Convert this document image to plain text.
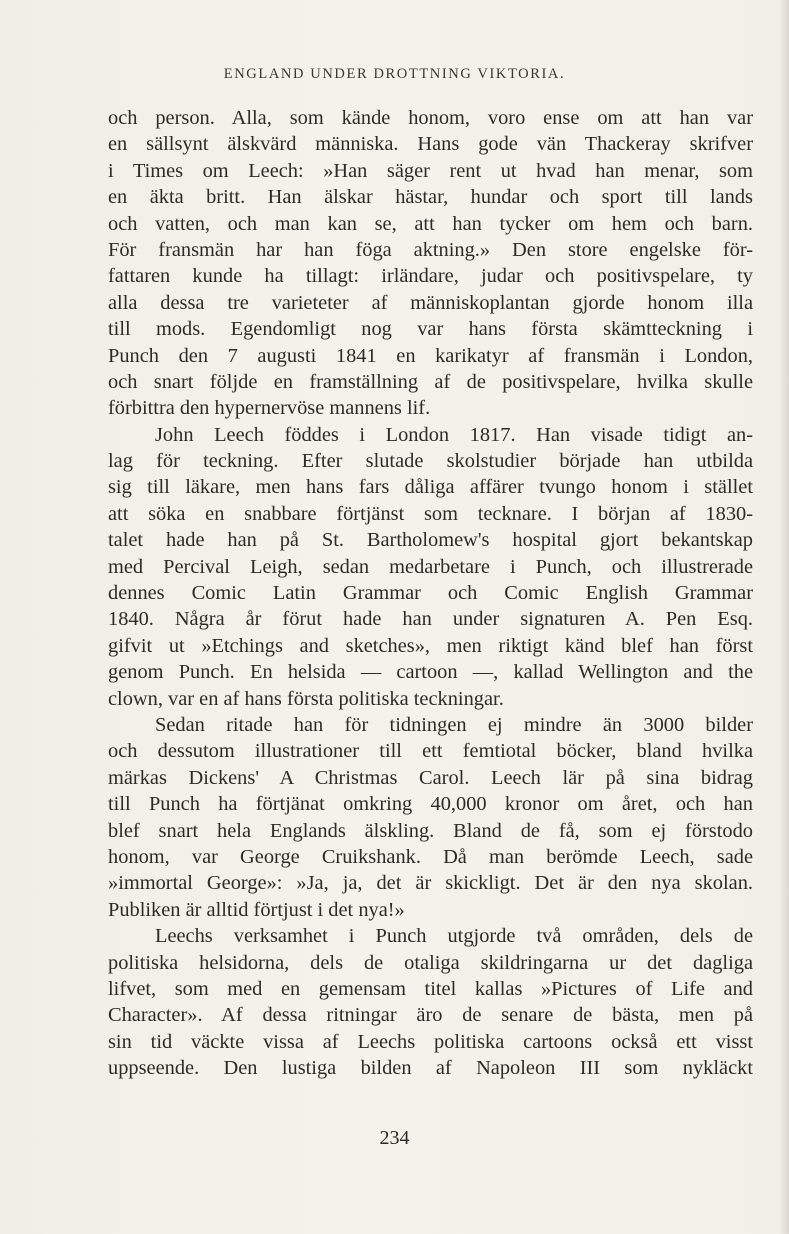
ENGLAND UNDER DROTTNING VIKTORIA.
och person. Alla, som kände honom, voro ense om att han var
en sällsynt älskvärd människa. Hans gode vän Thackeray skrifver
i Times om Leech: »Han säger rent ut hvad han menar, som
en äkta britt. Han älskar hästar, hundar och sport till lands
och vatten, och man kan se, att han tycker om hem och barn.
För fransmän har han föga aktning.» Den store engelske för-
fattaren kunde ha tillagt: irländare, judar och positivspelare, ty
alla dessa tre varieteter af människoplantan gjorde honom illa
till mods. Egendomligt nog var hans första skämtteckning i
Punch den 7 augusti 1841 en karikatyr af fransmän i London,
och snart följde en framställning af de positivspelare, hvilka skulle
förbittra den hypernervöse mannens lif.
John Leech föddes i London 1817. Han visade tidigt an-
lag för teckning. Efter slutade skolstudier började han utbilda
sig till läkare, men hans fars dåliga affärer tvungo honom i stället
att söka en snabbare förtjänst som tecknare. I början af 1830-
talet hade han på St. Bartholomew's hospital gjort bekantskap
med Percival Leigh, sedan medarbetare i Punch, och illustrerade
dennes Comic Latin Grammar och Comic English Grammar
1840. Några år förut hade han under signaturen A. Pen Esq.
gifvit ut »Etchings and sketches», men riktigt känd blef han först
genom Punch. En helsida — cartoon —, kallad Wellington and the
clown, var en af hans första politiska teckningar.
Sedan ritade han för tidningen ej mindre än 3000 bilder
och dessutom illustrationer till ett femtiotal böcker, bland hvilka
märkas Dickens' A Christmas Carol. Leech lär på sina bidrag
till Punch ha förtjänat omkring 40,000 kronor om året, och han
blef snart hela Englands älskling. Bland de få, som ej förstodo
honom, var George Cruikshank. Då man berömde Leech, sade
»immortal George»: »Ja, ja, det är skickligt. Det är den nya skolan.
Publiken är alltid förtjust i det nya!»
Leechs verksamhet i Punch utgjorde två områden, dels de
politiska helsidorna, dels de otaliga skildringarna ur det dagliga
lifvet, som med en gemensam titel kallas »Pictures of Life and
Character». Af dessa ritningar äro de senare de bästa, men på
sin tid väckte vissa af Leechs politiska cartoons också ett visst
uppseende. Den lustiga bilden af Napoleon III som nykläckt
234
